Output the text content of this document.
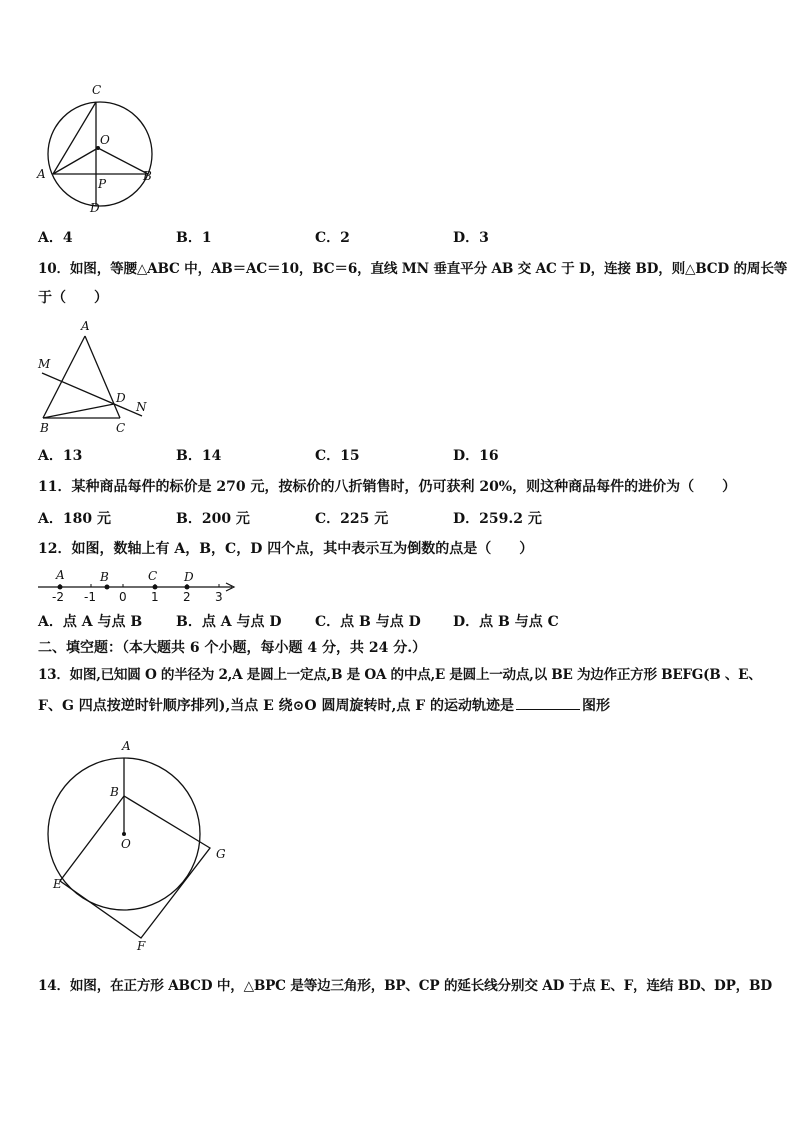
C
O
A	B
P
D
A．4	B．1	C．2	D．3
10．如图，等腰△ABC 中，AB＝AC＝10，BC＝6，直线 MN 垂直平分 AB 交 AC 于 D，连接 BD，则△BCD 的周长等
于（　　）
A
M
D
N
B	C
A．13	B．14	C．15	D．16
11．某种商品每件的标价是 270 元，按标价的八折销售时，仍可获利 20%，则这种商品每件的进价为（　　）
A．180 元	B．200 元	C．225 元	D．259.2 元
12．如图，数轴上有 A，B，C，D 四个点，其中表示互为倒数的点是（　　）
A	B	C D
-2 -1 0 1 2 3
A．点 A 与点 B B．点 A 与点 D C．点 B 与点 D D．点 B 与点 C
二、填空题：（本大题共 6 个小题，每小题 4 分，共 24 分.）
13．如图,已知圆 O 的半径为 2,A 是圆上一定点,B 是 OA 的中点,E 是圆上一动点,以 BE 为边作正方形 BEFG(B 、E、
F、G 四点按逆时针顺序排列),当点 E 绕⊙O 圆周旋转时,点 F 的运动轨迹是	图形
A
B
O
G
E
F
14．如图，在正方形 ABCD 中，△BPC 是等边三角形，BP、CP 的延长线分别交 AD 于点 E、F，连结 BD、DP，BD
